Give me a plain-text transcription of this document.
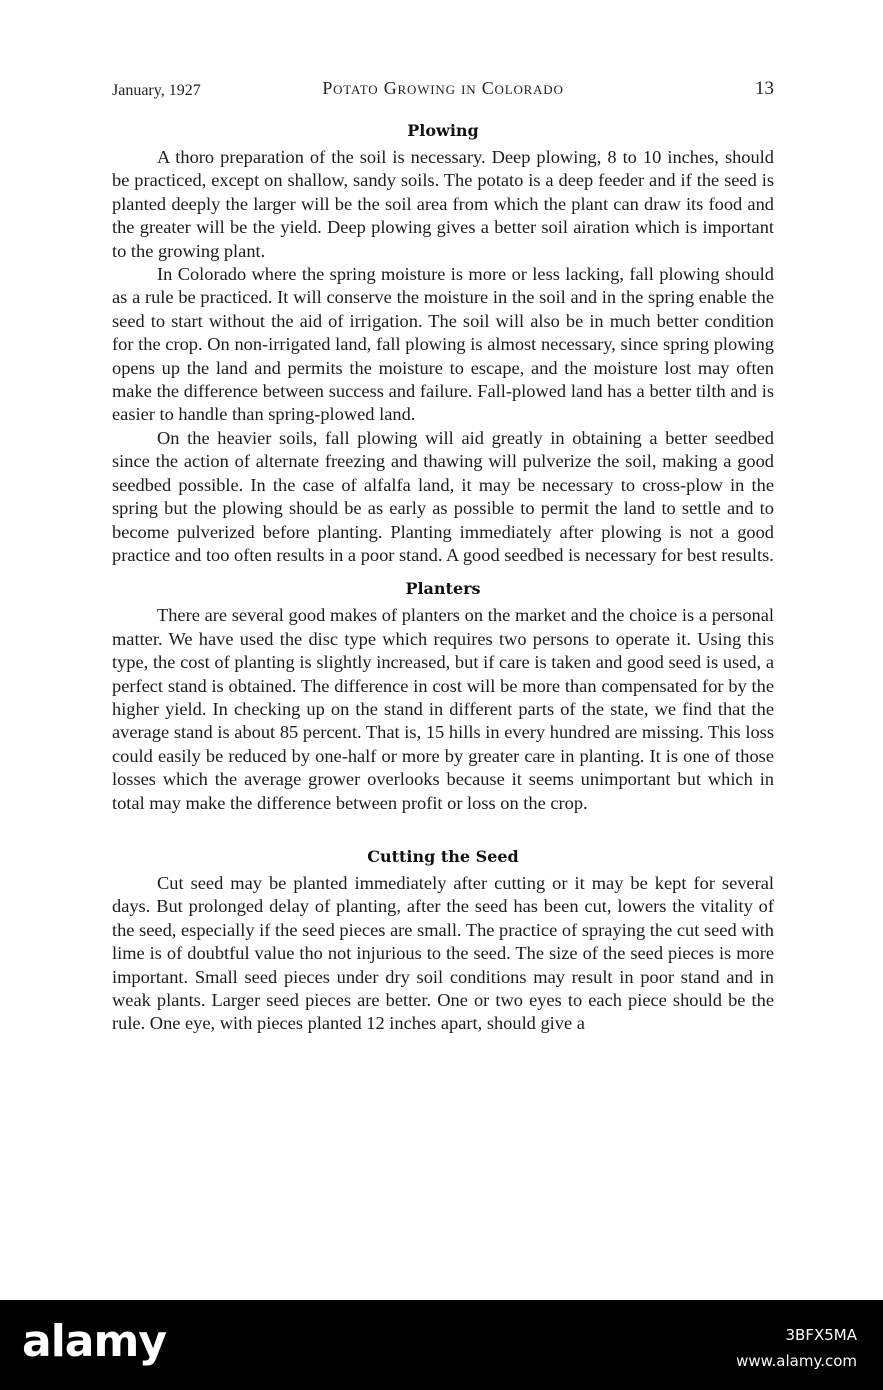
January, 1927	Potato Growing in Colorado	13
Plowing

A thoro preparation of the soil is necessary. Deep plowing, 8 to 10 inches, should be practiced, except on shallow, sandy soils. The potato is a deep feeder and if the seed is planted deeply the larger will be the soil area from which the plant can draw its food and the greater will be the yield. Deep plowing gives a better soil airation which is important to the growing plant.

In Colorado where the spring moisture is more or less lacking, fall plowing should as a rule be practiced. It will conserve the moisture in the soil and in the spring enable the seed to start without the aid of irrigation. The soil will also be in much better condition for the crop. On non-irrigated land, fall plowing is almost necessary, since spring plowing opens up the land and permits the moisture to escape, and the moisture lost may often make the difference between success and failure. Fall-plowed land has a better tilth and is easier to handle than spring-plowed land.

On the heavier soils, fall plowing will aid greatly in obtaining a better seedbed since the action of alternate freezing and thawing will pulverize the soil, making a good seedbed possible. In the case of alfalfa land, it may be necessary to cross-plow in the spring but the plowing should be as early as possible to permit the land to settle and to become pulverized before planting. Planting immediately after plowing is not a good practice and too often results in a poor stand. A good seedbed is necessary for best results.

Planters

There are several good makes of planters on the market and the choice is a personal matter. We have used the disc type which requires two persons to operate it. Using this type, the cost of planting is slightly increased, but if care is taken and good seed is used, a perfect stand is obtained. The difference in cost will be more than compensated for by the higher yield. In checking up on the stand in different parts of the state, we find that the average stand is about 85 percent. That is, 15 hills in every hundred are missing. This loss could easily be reduced by one-half or more by greater care in planting. It is one of those losses which the average grower overlooks because it seems unimportant but which in total may make the difference between profit or loss on the crop.

Cutting the Seed

Cut seed may be planted immediately after cutting or it may be kept for several days. But prolonged delay of planting, after the seed has been cut, lowers the vitality of the seed, especially if the seed pieces are small. The practice of spraying the cut seed with lime is of doubtful value tho not injurious to the seed. The size of the seed pieces is more important. Small seed pieces under dry soil conditions may result in poor stand and in weak plants. Larger seed pieces are better. One or two eyes to each piece should be the rule. One eye, with pieces planted 12 inches apart, should give a

alamy	3BFX5MA
www.alamy.com
